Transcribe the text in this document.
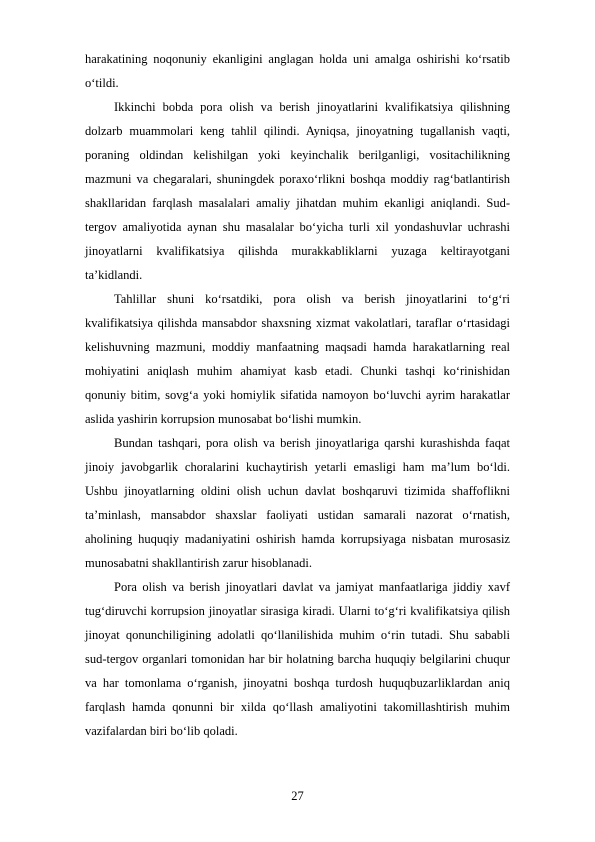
harakatining noqonuniy ekanligini anglagan holda uni amalga oshirishi koʻrsatib oʻtildi.

Ikkinchi bobda pora olish va berish jinoyatlarini kvalifikatsiya qilishning dolzarb muammolari keng tahlil qilindi. Ayniqsa, jinoyatning tugallanish vaqti, poraning oldindan kelishilgan yoki keyinchalik berilganligi, vositachilikning mazmuni va chegaralari, shuningdek poraxoʻrlikni boshqa moddiy ragʻbatlantirish shakllaridan farqlash masalalari amaliy jihatdan muhim ekanligi aniqlandi. Sud-tergov amaliyotida aynan shu masalalar boʻyicha turli xil yondashuvlar uchrashi jinoyatlarni kvalifikatsiya qilishda murakkabliklarni yuzaga keltirayotgani taʼkidlandi.

Tahlillar shuni koʻrsatdiki, pora olish va berish jinoyatlarini toʻgʻri kvalifikatsiya qilishda mansabdor shaxsning xizmat vakolatlari, taraflar oʻrtasidagi kelishuvning mazmuni, moddiy manfaatning maqsadi hamda harakatlarning real mohiyatini aniqlash muhim ahamiyat kasb etadi. Chunki tashqi koʻrinishidan qonuniy bitim, sovgʻa yoki homiylik sifatida namoyon boʻluvchi ayrim harakatlar aslida yashirin korrupsion munosabat boʻlishi mumkin.

Bundan tashqari, pora olish va berish jinoyatlariga qarshi kurashishda faqat jinoiy javobgarlik choralarini kuchaytirish yetarli emasligi ham maʼlum boʻldi. Ushbu jinoyatlarning oldini olish uchun davlat boshqaruvi tizimida shaffoflikni taʼminlash, mansabdor shaxslar faoliyati ustidan samarali nazorat oʻrnatish, aholining huquqiy madaniyatini oshirish hamda korrupsiyaga nisbatan murosasiz munosabatni shakllantirish zarur hisoblanadi.

Pora olish va berish jinoyatlari davlat va jamiyat manfaatlariga jiddiy xavf tugʻdiruvchi korrupsion jinoyatlar sirasiga kiradi. Ularni toʻgʻri kvalifikatsiya qilish jinoyat qonunchiligining adolatli qoʻllanilishida muhim oʻrin tutadi. Shu sababli sud-tergov organlari tomonidan har bir holatning barcha huquqiy belgilarini chuqur va har tomonlama oʻrganish, jinoyatni boshqa turdosh huquqbuzarliklardan aniq farqlash hamda qonunni bir xilda qoʻllash amaliyotini takomillashtirish muhim vazifalardan biri boʻlib qoladi.

27
